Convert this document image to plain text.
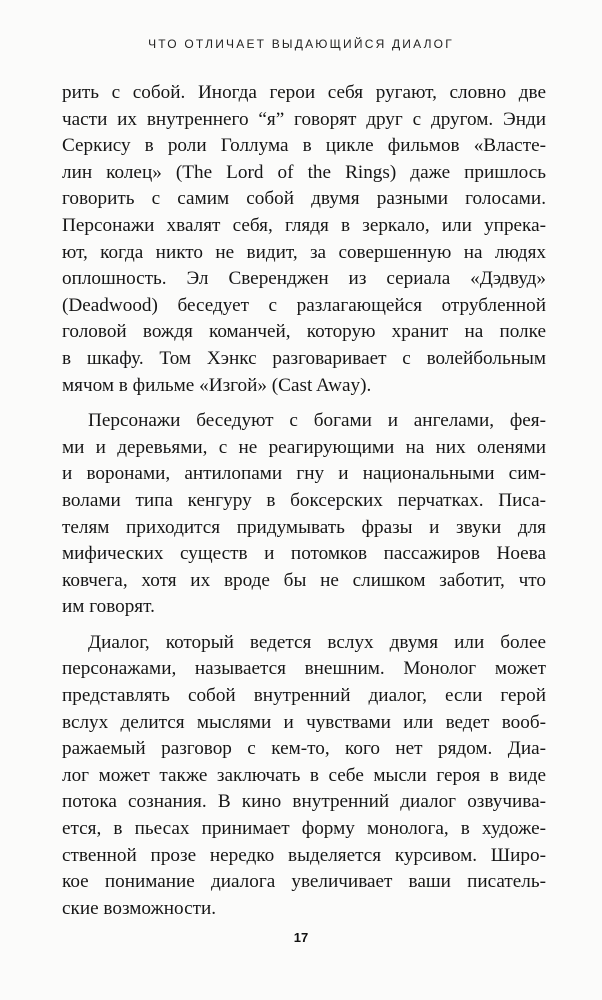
ЧТО ОТЛИЧАЕТ ВЫДАЮЩИЙСЯ ДИАЛОГ
рить с собой. Иногда герои себя ругают, словно две
части их внутреннего “я” говорят друг с другом. Энди
Серкису в роли Голлума в цикле фильмов «Власте-
лин колец» (The Lord of the Rings) даже пришлось
говорить с самим собой двумя разными голосами.
Персонажи хвалят себя, глядя в зеркало, или упрека-
ют, когда никто не видит, за совершенную на людях
оплошность. Эл Сверенджен из сериала «Дэдвуд»
(Deadwood) беседует с разлагающейся отрубленной
головой вождя команчей, которую хранит на полке
в шкафу. Том Хэнкс разговаривает с волейбольным
мячом в фильме «Изгой» (Cast Away).
Персонажи беседуют с богами и ангелами, фея-
ми и деревьями, с не реагирующими на них оленями
и воронами, антилопами гну и национальными сим-
волами типа кенгуру в боксерских перчатках. Писа-
телям приходится придумывать фразы и звуки для
мифических существ и потомков пассажиров Ноева
ковчега, хотя их вроде бы не слишком заботит, что
им говорят.
Диалог, который ведется вслух двумя или более
персонажами, называется внешним. Монолог может
представлять собой внутренний диалог, если герой
вслух делится мыслями и чувствами или ведет вооб-
ражаемый разговор с кем-то, кого нет рядом. Диа-
лог может также заключать в себе мысли героя в виде
потока сознания. В кино внутренний диалог озвучива-
ется, в пьесах принимает форму монолога, в художе-
ственной прозе нередко выделяется курсивом. Широ-
кое понимание диалога увеличивает ваши писатель-
ские возможности.
17
